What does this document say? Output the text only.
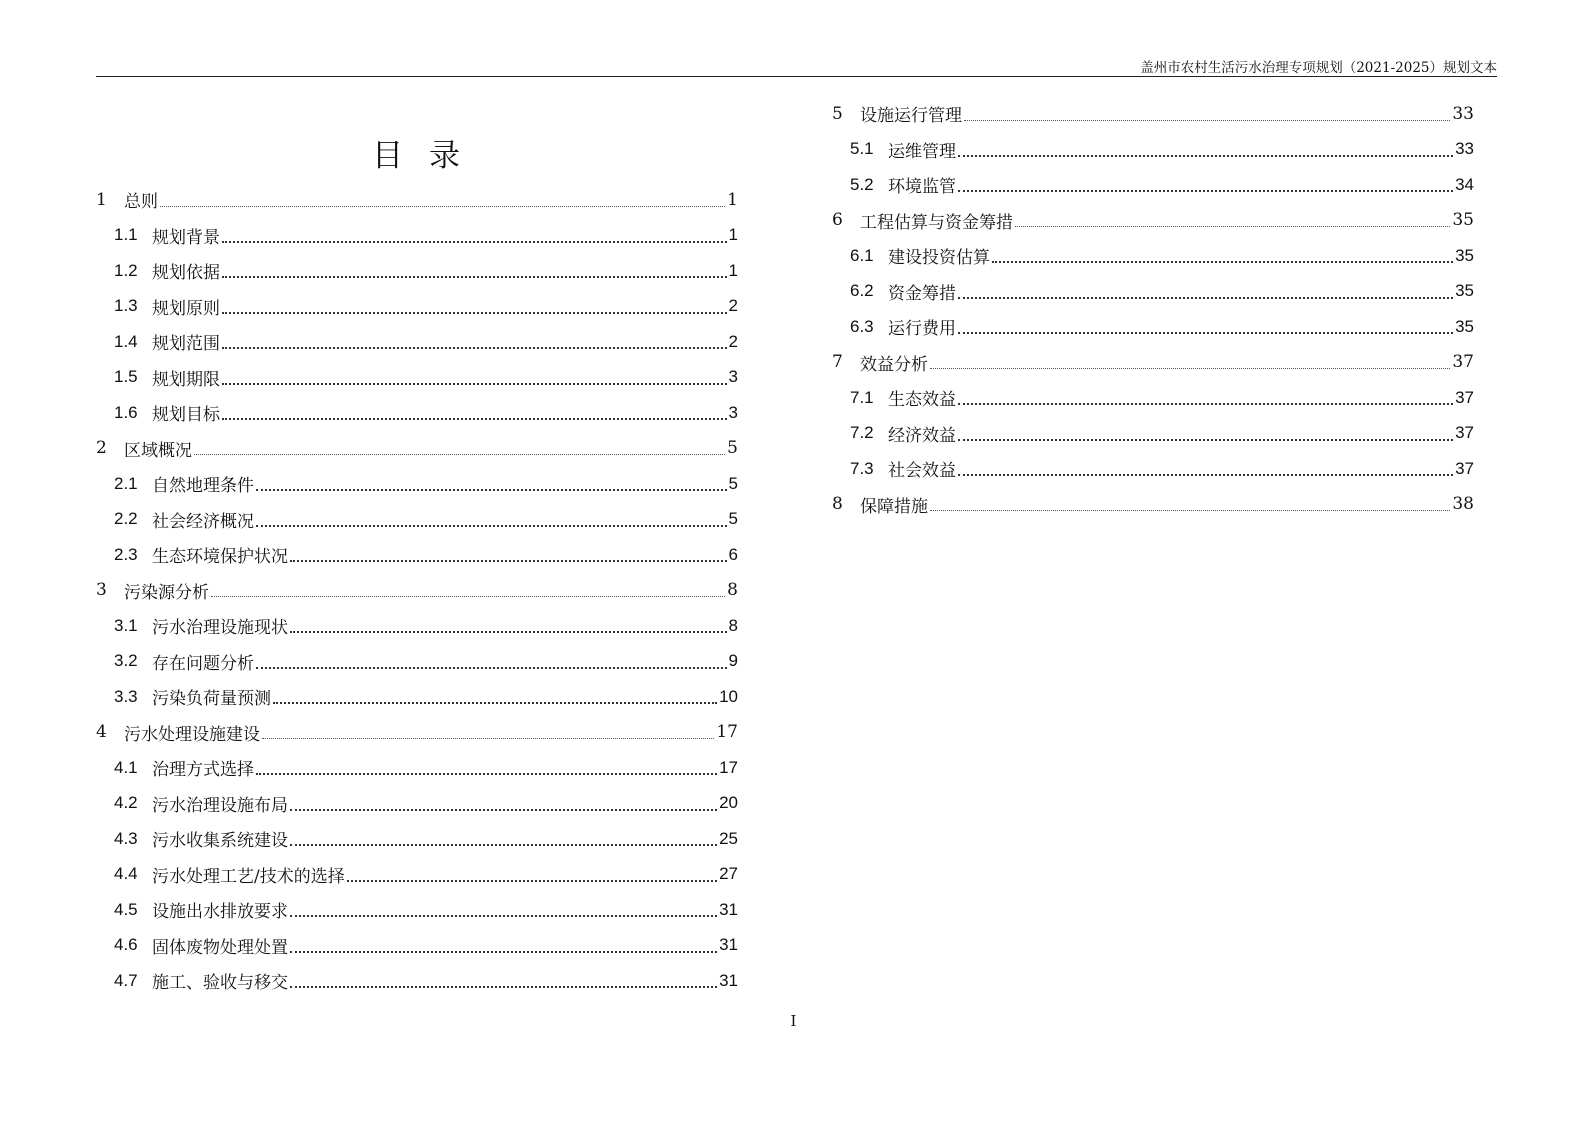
盖州市农村生活污水治理专项规划（2021-2025）规划文本
目录
1	总则	1
1.1 规划背景	1
1.2 规划依据	1
1.3 规划原则	2
1.4 规划范围	2
1.5 规划期限	3
1.6 规划目标	3
2	区域概况	5
2.1 自然地理条件	5
2.2 社会经济概况	5
2.3 生态环境保护状况	6
3	污染源分析	8
3.1 污水治理设施现状	8
3.2 存在问题分析	9
3.3 污染负荷量预测	10
4	污水处理设施建设	17
4.1 治理方式选择	17
4.2 污水治理设施布局	20
4.3 污水收集系统建设	25
4.4 污水处理工艺/技术的选择	27
4.5 设施出水排放要求	31
4.6 固体废物处理处置	31
4.7 施工、验收与移交	31
5	设施运行管理	33
5.1 运维管理	33
5.2 环境监管	34
6	工程估算与资金筹措	35
6.1 建设投资估算	35
6.2 资金筹措	35
6.3 运行费用	35
7	效益分析	37
7.1 生态效益	37
7.2 经济效益	37
7.3 社会效益	37
8	保障措施	38
I
